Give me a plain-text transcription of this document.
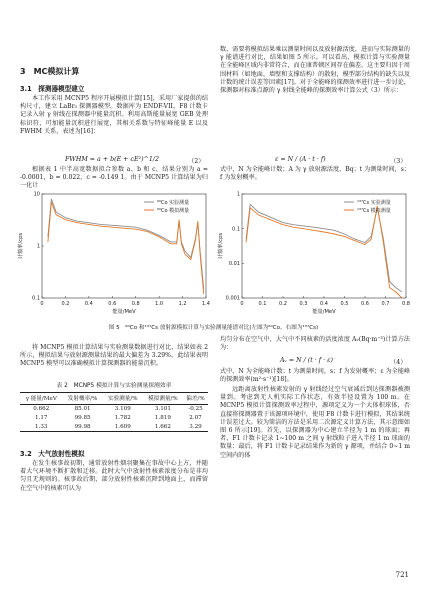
3　MC模拟计算
3.1　探测器模型建立
本工作采用 MCNP5 程序开展模拟计算[15]，采用厂家提供的结构尺寸，建立 LaBr₃ 探测器模型。数据库为 ENDF-VII，F8 计数卡记录入射 γ 射线在探测器中能量沉积。利用高斯能量展宽 GEB 处理标识符，可加能量沉积进行展宽，其相关系数与特征峰能量 E 以及 FWHM 关系，表述为[16]：
FWHM = a + b(E + cE²)^1/2	（2）
根据表 1 中半高宽数据拟合参数 a、b 和 c，结果分别为 a = -0.0001，b = 0.022，c = -0.149 1。由于 MCNP5 计算结果为归一化计
将 MCNP5 模拟计算结果与实验测量数据进行对比，结果如表 2 所示，模拟结果与放射源测量结果的最大偏差为 3.29%。此结果表明 MCNP5 模型可以准确模拟计算探测器的能量沉积。
表 2　MCNP5 模拟计算与实验测量探测效率
γ 能量/MeV	发射概率/%	实验测量/%	模拟测量/%	偏差/%
0.662	85.01	3.109	3.101	-0.25
1.17	99.85	1.782	1.819	2.07
1.33	99.98	1.609	1.662	3.29
3.2　大气放射性模拟
在发生核事故初期，通常放射性烟羽聚集在事故中心上方，并随着大气环境不断扩散和迁移。此时大气中放射性核素浓度分布是非均匀且无规则的。核事故后期，部分放射性核素沉降到地面上，而滞留在空气中的核素可认为
数，需要将模拟结果乘以测量时间以及放射源活度，进而与实际测量的 γ 能谱进行对比，结果如图 5 所示。可以看出，模拟计算与实验测量在全能峰区域内非常符合，而在康普顿区间存在偏差。这主要归因于周围材料（如地面、墙壁和支撑结构）的散射，模型部分结构的缺失以及计数的统计误差等因素[17]。对于全能峰的探测效率进行进一步讨论，探测器对标准点源的 γ 射线全能峰的探测效率计算公式（3）所示：
ε = N / (A · t · f)	（3）
式中，N 为全能峰计数；A 为 γ 放射源活度，Bq；t 为测量时间，s；f 为发射概率。
均匀分布在空气中，大气中不同核素的活度浓度 Aᵥ(Bq·m⁻³)计算方法为：
Aᵥ = N / (t · f · ε)	（4）
式中，N 为全能峰计数；t 为测量时间，s；f 为发射概率；ε 为全能峰的探测效率(m²·s⁻¹)[18]。
远距离放射性核素发射的 γ 射线经过空气衰减后到达探测器被测量到。考虑到无人机实际工作状态，有效半径设置为 100 m。在 MCNP5 模拟计算探测效率过程中，源项定义为一个大体积球体，否直接将探测器置于该源项环境中，使用 F8 计数卡进行模拟，其结果统计误差过大。较为简洁的方法是采用二次源定义计算方法，其示意图如图 6 所示[19]。首先，以探测器为中心建立半径为 1 m 的球面；再者，F1 计数卡记录 1~100 m 之间 γ 射线粒子进入半径 1 m 球面的数量；最后，将 F1 计数卡记录结果作为新的 γ 源项，并结合 0~1 m 空间内的体
0	0.2	0.4	0.6	0.8	1.0	1.2	1.4
0.1
1
10
⁶⁰Co 实验测量
⁶⁰Co 模拟测量
能量/MeV
计数率/cps
0	0.1	0.2	0.3	0.4	0.5	0.6	0.7	0.8
0.001
0.01
0.1
1
¹³⁷Cs 实验测量
¹³⁷Cs 模拟测量
能量/MeV
计数率/cps
图 5　⁶⁰Co 和¹³⁷Cs 放射源模拟计算与实验测量能谱对比(左图为⁶⁰Co，右图为¹³⁷Cs)
721
